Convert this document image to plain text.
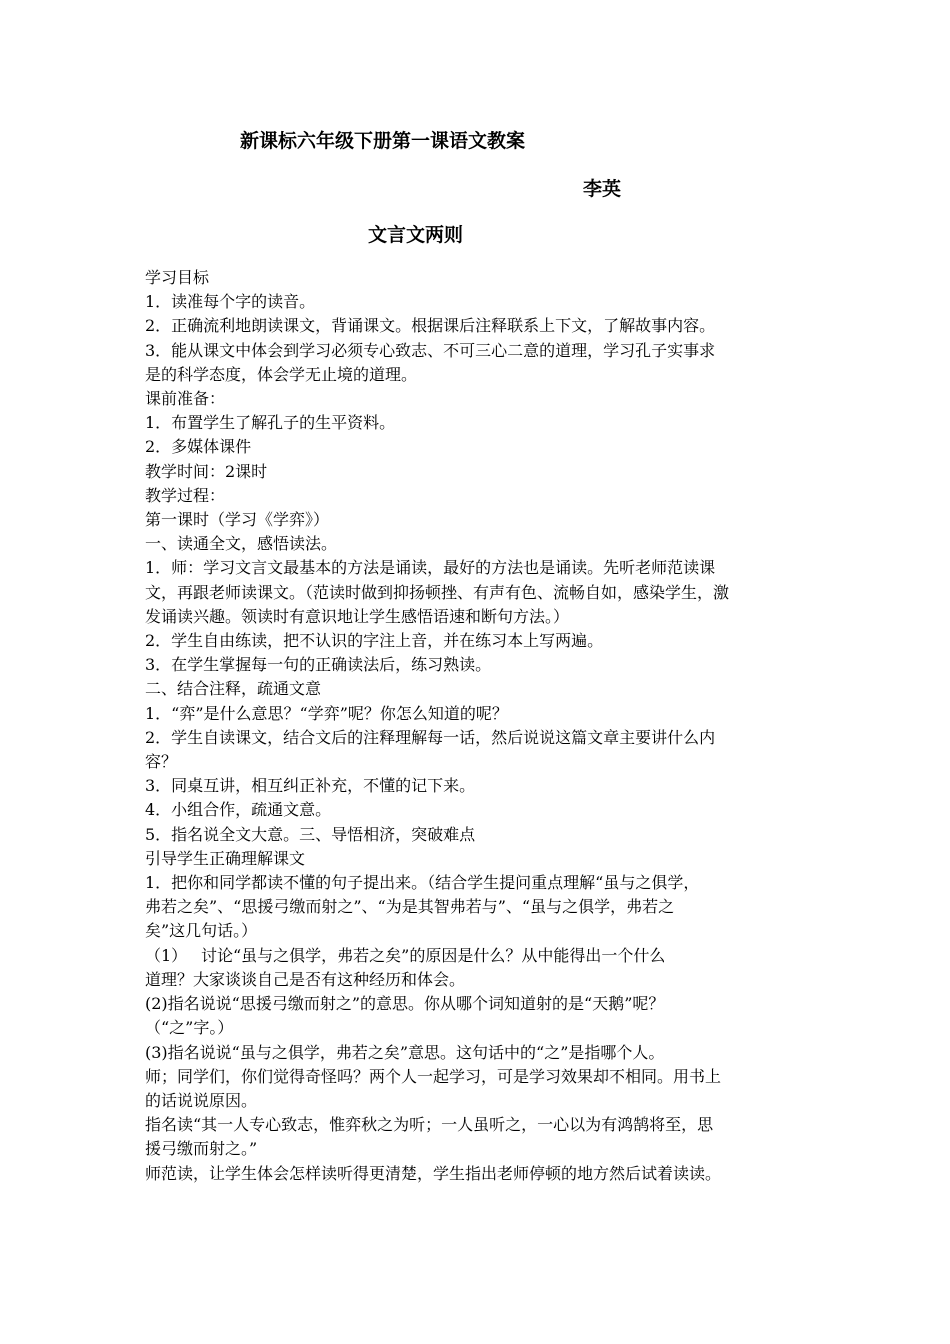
新课标六年级下册第一课语文教案
李英
文言文两则
学习目标
1．读准每个字的读音。
2．正确流利地朗读课文，背诵课文。根据课后注释联系上下文，了解故事内容。
3．能从课文中体会到学习必须专心致志、不可三心二意的道理，学习孔子实事求
是的科学态度，体会学无止境的道理。
课前准备：
1．布置学生了解孔子的生平资料。
2．多媒体课件
教学时间：2课时
教学过程：
第一课时（学习《学弈》）
一、读通全文，感悟读法。
1．师：学习文言文最基本的方法是诵读，最好的方法也是诵读。先听老师范读课
文，再跟老师读课文。（范读时做到抑扬顿挫、有声有色、流畅自如，感染学生，激
发诵读兴趣。领读时有意识地让学生感悟语速和断句方法。）
2．学生自由练读，把不认识的字注上音，并在练习本上写两遍。
3．在学生掌握每一句的正确读法后，练习熟读。
二、结合注释，疏通文意
1．“弈”是什么意思？“学弈”呢？你怎么知道的呢？
2．学生自读课文，结合文后的注释理解每一话，然后说说这篇文章主要讲什么内
容？
3．同桌互讲，相互纠正补充，不懂的记下来。
4．小组合作，疏通文意。
5．指名说全文大意。三、导悟相济，突破难点
引导学生正确理解课文
1．把你和同学都读不懂的句子提出来。（结合学生提问重点理解“虽与之俱学，
弗若之矣”、“思援弓缴而射之”、“为是其智弗若与”、“虽与之俱学，弗若之
矣”这几句话。）
（1） 讨论“虽与之俱学，弗若之矣”的原因是什么？从中能得出一个什么
道理？大家谈谈自己是否有这种经历和体会。
(2)指名说说“思援弓缴而射之”的意思。你从哪个词知道射的是“天鹅”呢？
（“之”字。）
(3)指名说说“虽与之俱学，弗若之矣”意思。这句话中的“之”是指哪个人。
师；同学们，你们觉得奇怪吗？两个人一起学习，可是学习效果却不相同。用书上
的话说说原因。
指名读“其一人专心致志，惟弈秋之为听；一人虽听之，一心以为有鸿鹄将至，思
援弓缴而射之。”
师范读，让学生体会怎样读听得更清楚，学生指出老师停顿的地方然后试着读读。
